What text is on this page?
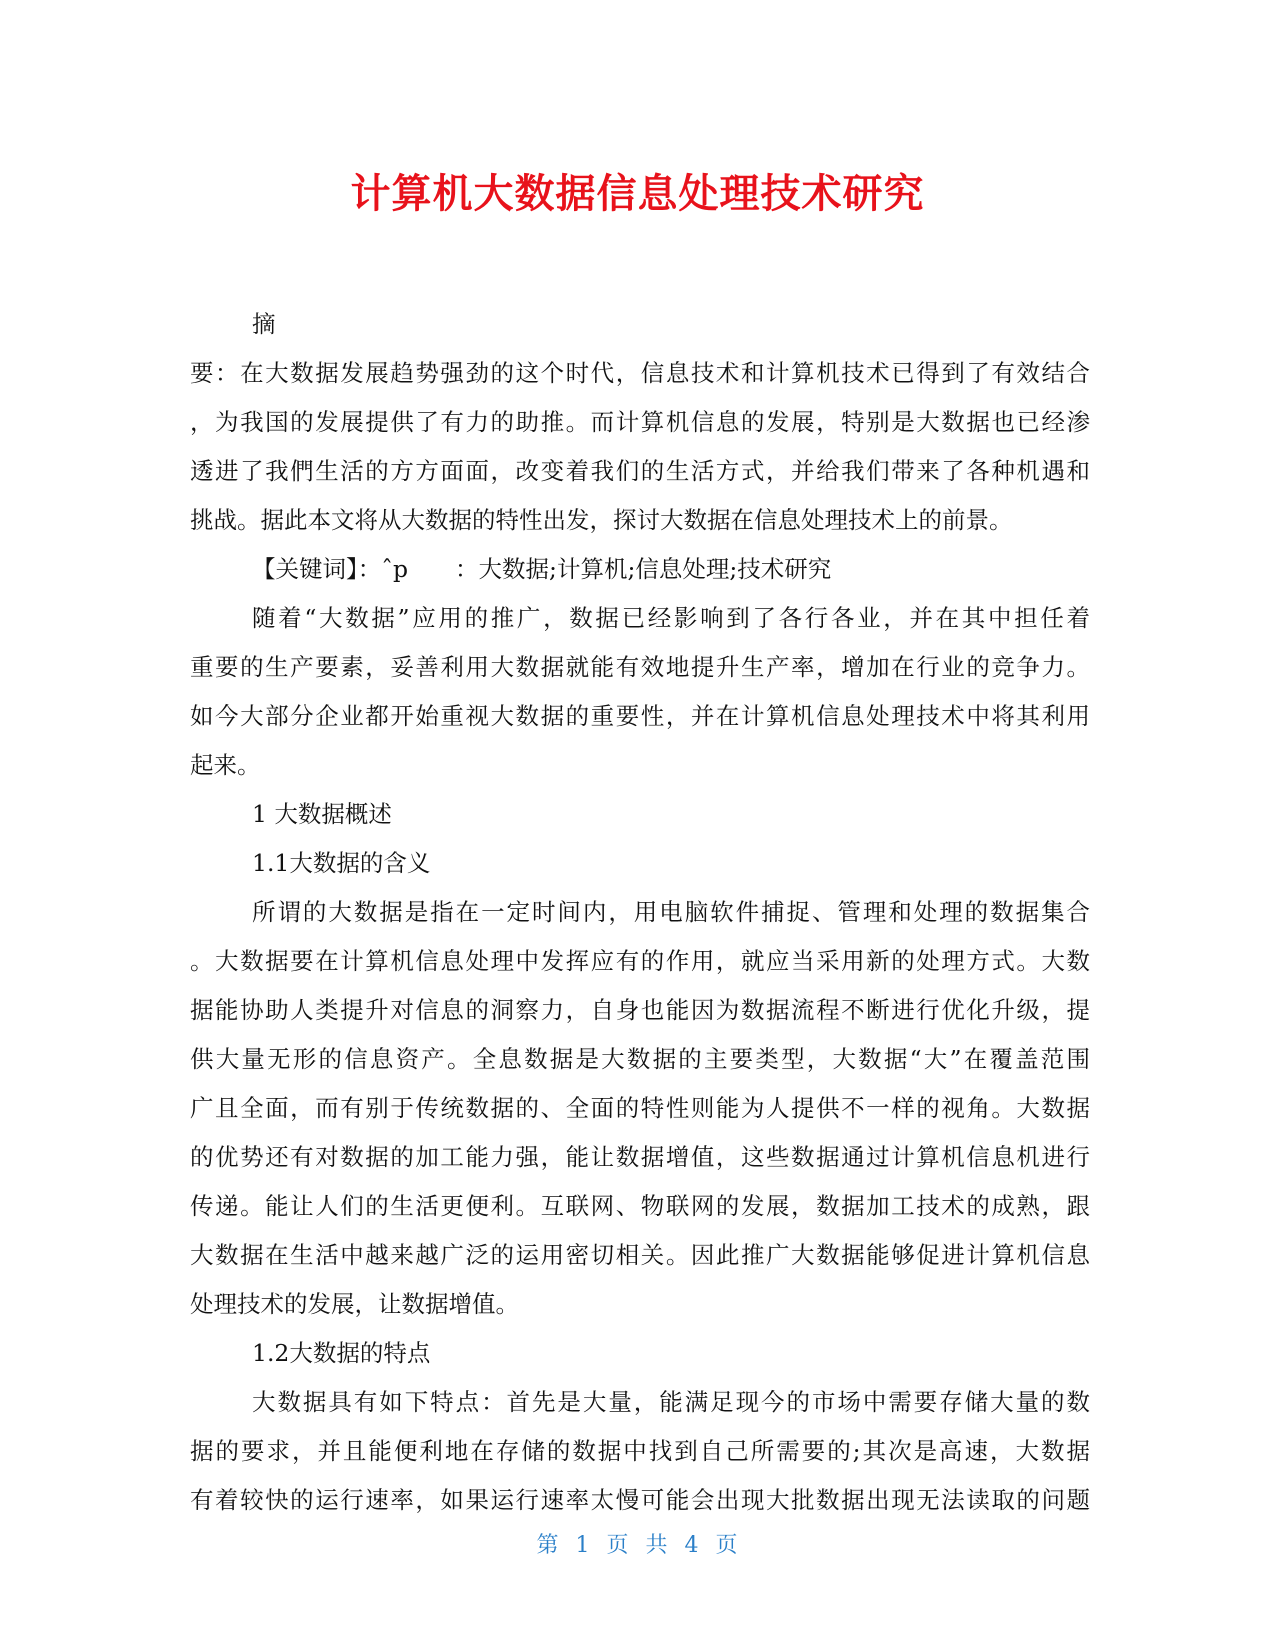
计算机大数据信息处理技术研究
摘
要：在大数据发展趋势强劲的这个时代，信息技术和计算机技术已得到了有效结合
，为我国的发展提供了有力的助推。而计算机信息的发展，特别是大数据也已经渗
透进了我們生活的方方面面，改变着我们的生活方式，并给我们带来了各种机遇和
挑战。据此本文将从大数据的特性出发，探讨大数据在信息处理技术上的前景。
【关键词】：ˆp　　：大数据;计算机;信息处理;技术研究
随着“大数据”应用的推广，数据已经影响到了各行各业，并在其中担任着
重要的生产要素，妥善利用大数据就能有效地提升生产率，增加在行业的竞争力。
如今大部分企业都开始重视大数据的重要性，并在计算机信息处理技术中将其利用
起来。
1 大数据概述
1.1大数据的含义
所谓的大数据是指在一定时间内，用电脑软件捕捉、管理和处理的数据集合
。大数据要在计算机信息处理中发挥应有的作用，就应当采用新的处理方式。大数
据能协助人类提升对信息的洞察力，自身也能因为数据流程不断进行优化升级，提
供大量无形的信息资产。全息数据是大数据的主要类型，大数据“大”在覆盖范围
广且全面，而有别于传统数据的、全面的特性则能为人提供不一样的视角。大数据
的优势还有对数据的加工能力强，能让数据增值，这些数据通过计算机信息机进行
传递。能让人们的生活更便利。互联网、物联网的发展，数据加工技术的成熟，跟
大数据在生活中越来越广泛的运用密切相关。因此推广大数据能够促进计算机信息
处理技术的发展，让数据增值。
1.2大数据的特点
大数据具有如下特点：首先是大量，能满足现今的市场中需要存储大量的数
据的要求，并且能便利地在存储的数据中找到自己所需要的;其次是高速，大数据
有着较快的运行速率，如果运行速率太慢可能会出现大批数据出现无法读取的问题
第 1 页 共 4 页
